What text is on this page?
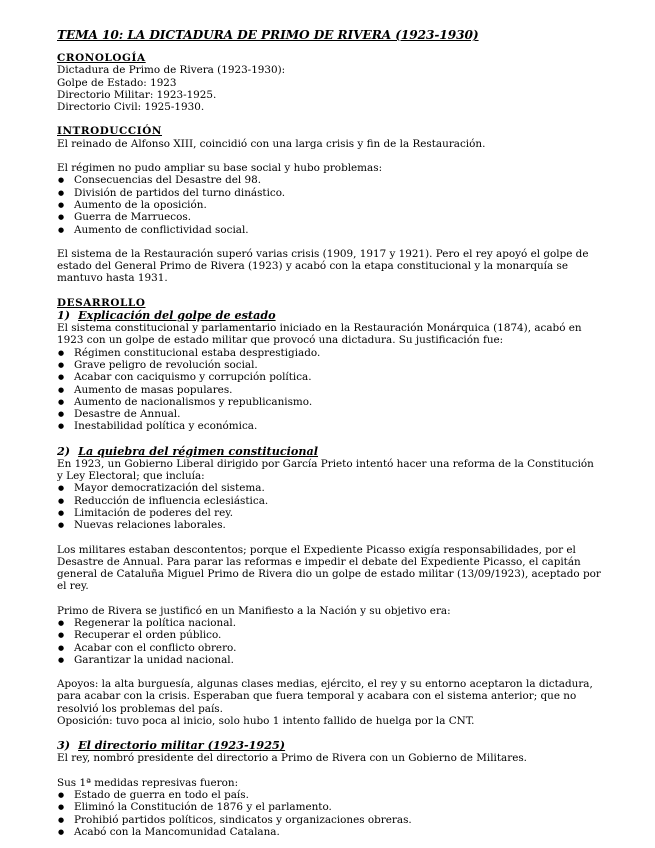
TEMA 10: LA DICTADURA DE PRIMO DE RIVERA (1923-1930)
CRONOLOGÍA

Dictadura de Primo de Rivera (1923-1930):

Golpe de Estado: 1923

Directorio Militar: 1923-1925.

Directorio Civil: 1925-1930.

INTRODUCCIÓN

El reinado de Alfonso XIII, coincidió con una larga crisis y fin de la Restauración.

El régimen no pudo ampliar su base social y hubo problemas:

● Consecuencias del Desastre del 98.
● División de partidos del turno dinástico.
● Aumento de la oposición.
● Guerra de Marruecos.
● Aumento de conflictividad social.

El sistema de la Restauración superó varias crisis (1909, 1917 y 1921). Pero el rey apoyó el golpe de estado del General Primo de Rivera (1923) y acabó con la etapa constitucional y la monarquía se mantuvo hasta 1931.

DESARROLLO
1) Explicación del golpe de estado

El sistema constitucional y parlamentario iniciado en la Restauración Monárquica (1874), acabó en 1923 con un golpe de estado militar que provocó una dictadura. Su justificación fue:

● Régimen constitucional estaba desprestigiado.
● Grave peligro de revolución social.
● Acabar con caciquismo y corrupción política.
● Aumento de masas populares.
● Aumento de nacionalismos y republicanismo.
● Desastre de Annual.
● Inestabilidad política y económica.
2) La quiebra del régimen constitucional

En 1923, un Gobierno Liberal dirigido por García Prieto intentó hacer una reforma de la Constitución y Ley Electoral; que incluía:

● Mayor democratización del sistema.
● Reducción de influencia eclesiástica.
● Limitación de poderes del rey.
● Nuevas relaciones laborales.

Los militares estaban descontentos; porque el Expediente Picasso exigía responsabilidades, por el Desastre de Annual. Para parar las reformas e impedir el debate del Expediente Picasso, el capitán general de Cataluña Miguel Primo de Rivera dio un golpe de estado militar (13/09/1923), aceptado por el rey.

Primo de Rivera se justificó en un Manifiesto a la Nación y su objetivo era:

● Regenerar la política nacional.
● Recuperar el orden público.
● Acabar con el conflicto obrero.
● Garantizar la unidad nacional.

Apoyos: la alta burguesía, algunas clases medias, ejército, el rey y su entorno aceptaron la dictadura, para acabar con la crisis. Esperaban que fuera temporal y acabara con el sistema anterior; que no resolvió los problemas del país.

Oposición: tuvo poca al inicio, solo hubo 1 intento fallido de huelga por la CNT.

3) El directorio militar (1923-1925)

El rey, nombró presidente del directorio a Primo de Rivera con un Gobierno de Militares.

Sus 1ª medidas represivas fueron:

● Estado de guerra en todo el país.
● Eliminó la Constitución de 1876 y el parlamento.
● Prohibió partidos políticos, sindicatos y organizaciones obreras.
● Acabó con la Mancomunidad Catalana.
